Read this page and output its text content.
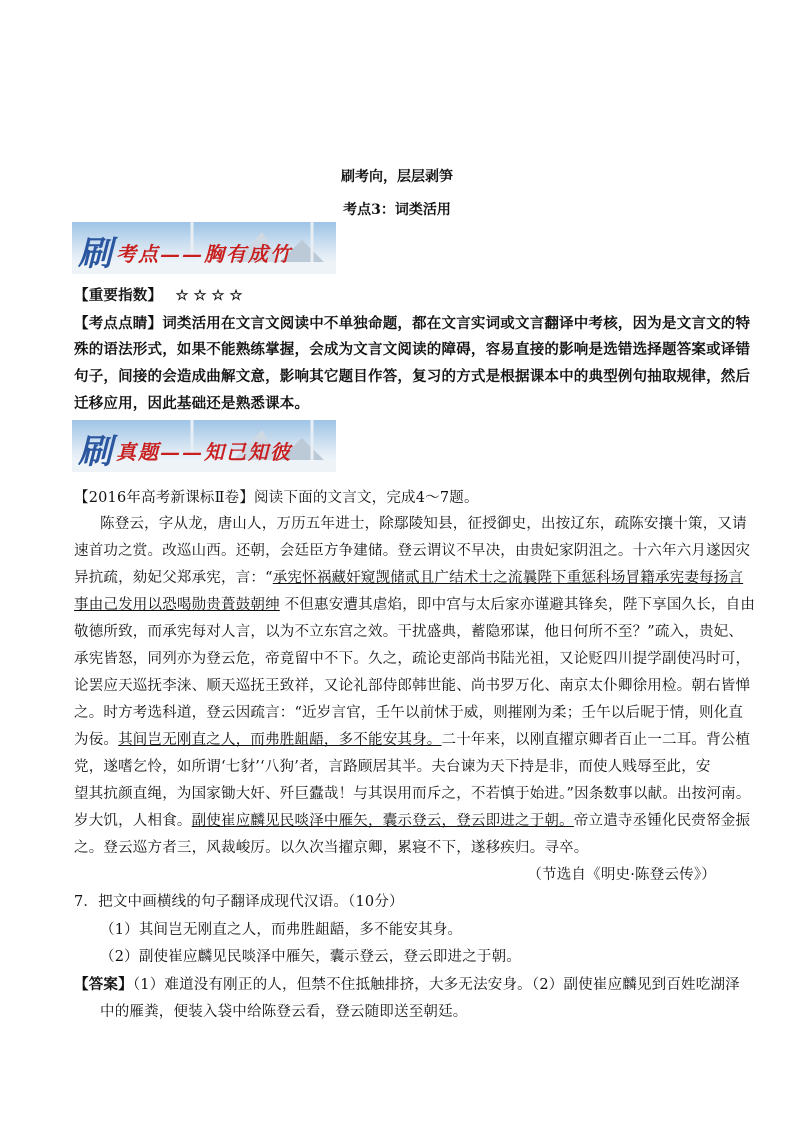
刷考向，层层剥笋
考点3：词类活用
刷 考点——胸有成竹
【重要指数】 ☆☆☆☆
【考点点睛】词类活用在文言文阅读中不单独命题，都在文言实词或文言翻译中考核，因为是文言文的特
殊的语法形式，如果不能熟练掌握，会成为文言文阅读的障碍，容易直接的影响是选错选择题答案或译错
句子，间接的会造成曲解文意，影响其它题目作答，复习的方式是根据课本中的典型例句抽取规律，然后
迁移应用，因此基础还是熟悉课本。
刷 真题——知己知彼
【2016年高考新课标Ⅱ卷】阅读下面的文言文，完成4～7题。
陈登云，字从龙，唐山人，万历五年进士，除鄢陵知县，征授御史，出按辽东，疏陈安攘十策，又请
速首功之赏。改巡山西。还朝，会廷臣方争建储。登云谓议不早决，由贵妃家阴沮之。十六年六月遂因灾
异抗疏，劾妃父郑承宪，言：“承宪怀祸藏奸窥觊储贰且广结术士之流曩陛下重惩科场冒籍承宪妻每扬言
事由己发用以恐喝勋贵蕢鼓朝绅 不但惠安遭其虐焰，即中宫与太后家亦谨避其锋矣，陛下享国久长，自由
敬德所致，而承宪每对人言，以为不立东宫之效。干扰盛典，蓄隐邪谋，他日何所不至？”疏入，贵妃、
承宪皆怒，同列亦为登云危，帝竟留中不下。久之，疏论吏部尚书陆光祖，又论贬四川提学副使冯时可，
论罢应天巡抚李涞、顺天巡抚王致祥，又论礼部侍郎韩世能、尚书罗万化、南京太仆卿徐用检。朝右皆惮
之。时方考选科道，登云因疏言：“近岁言官，壬午以前怵于威，则摧刚为柔；壬午以后昵于情，则化直
为佞。其间岂无刚直之人，而弗胜龃龉，多不能安其身。二十年来，以刚直擢京卿者百止一二耳。背公植
党，遂嗜乞怜，如所谓‘七豺’‘八狗’者，言路顾居其半。夫台谏为天下持是非，而使人贱辱至此，安
望其抗颜直绳，为国家锄大奸、歼巨蠹哉！与其误用而斥之，不若慎于始进。”因条数事以献。出按河南。
岁大饥，人相食。副使崔应麟见民啖泽中雁矢，囊示登云，登云即进之于朝。帝立遣寺丞锺化民赍帑金振
之。登云巡方者三，风裁峻厉。以久次当擢京卿，累寝不下，遂移疾归。寻卒。
（节选自《明史·陈登云传》）
7．把文中画横线的句子翻译成现代汉语。（10分）
（1）其间岂无刚直之人，而弗胜龃龉，多不能安其身。
（2）副使崔应麟见民啖泽中雁矢，囊示登云，登云即进之于朝。
【答案】（1）难道没有刚正的人，但禁不住抵触排挤，大多无法安身。（2）副使崔应麟见到百姓吃湖泽
中的雁粪，便装入袋中给陈登云看，登云随即送至朝廷。
